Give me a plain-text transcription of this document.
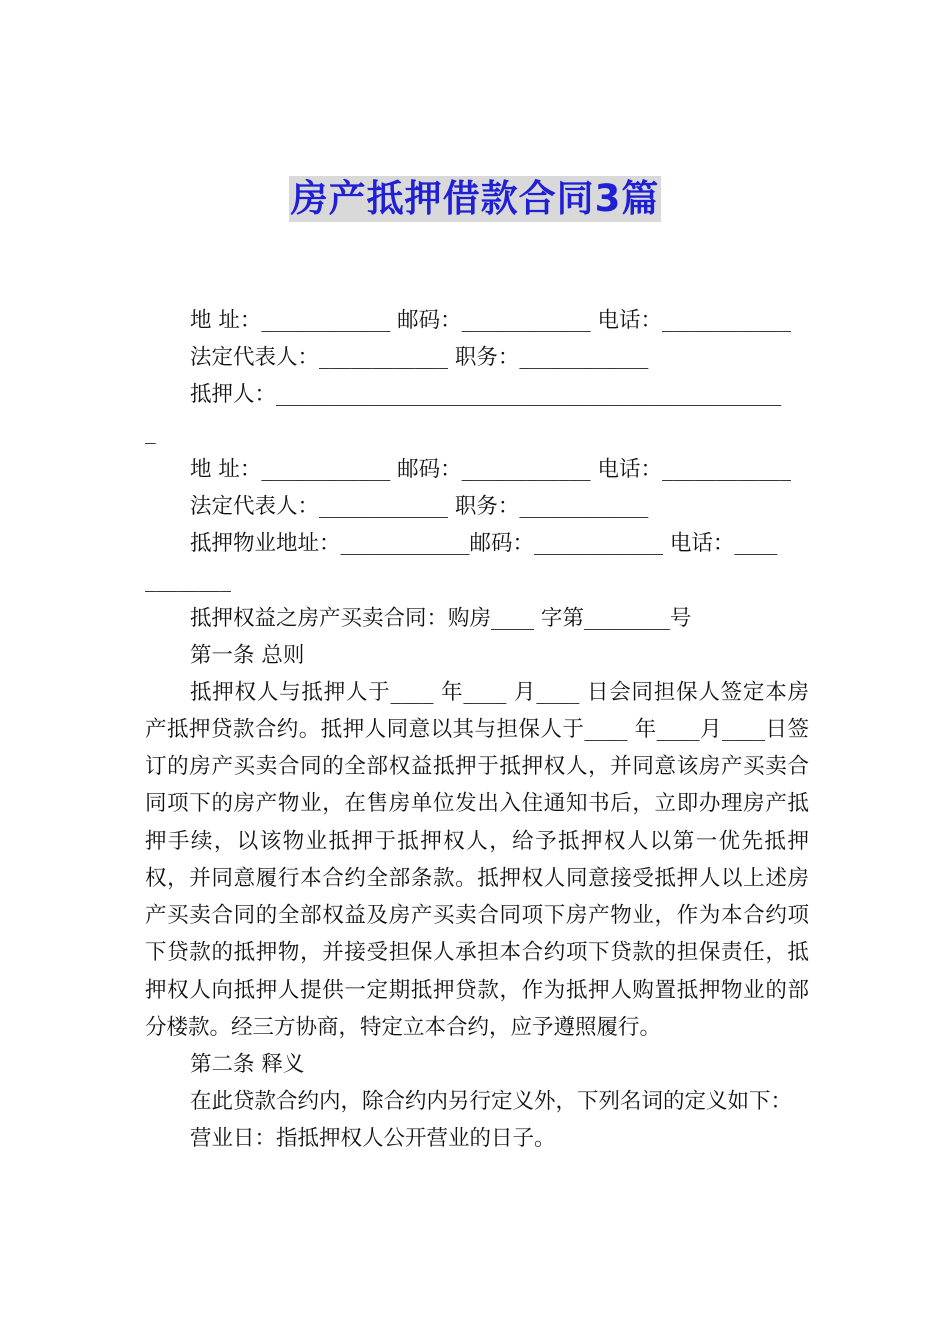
房产抵押借款合同3篇
地 址：____________ 邮码：____________ 电话：____________
法定代表人：____________ 职务：____________
抵押人：_______________________________________________
_
地 址：____________ 邮码：____________ 电话：____________
法定代表人：____________ 职务：____________
抵押物业地址：____________邮码：____________ 电话：____
________
抵押权益之房产买卖合同：购房____ 字第________号
第一条 总则
抵押权人与抵押人于____ 年____ 月____ 日会同担保人签定本房产抵押贷款合约。抵押人同意以其与担保人于____ 年____月____日签订的房产买卖合同的全部权益抵押于抵押权人，并同意该房产买卖合同项下的房产物业，在售房单位发出入住通知书后，立即办理房产抵押手续，以该物业抵押于抵押权人，给予抵押权人以第一优先抵押权，并同意履行本合约全部条款。抵押权人同意接受抵押人以上述房产买卖合同的全部权益及房产买卖合同项下房产物业，作为本合约项下贷款的抵押物，并接受担保人承担本合约项下贷款的担保责任，抵押权人向抵押人提供一定期抵押贷款，作为抵押人购置抵押物业的部分楼款。经三方协商，特定立本合约，应予遵照履行。
第二条 释义
在此贷款合约内，除合约内另行定义外，下列名词的定义如下：
营业日：指抵押权人公开营业的日子。
